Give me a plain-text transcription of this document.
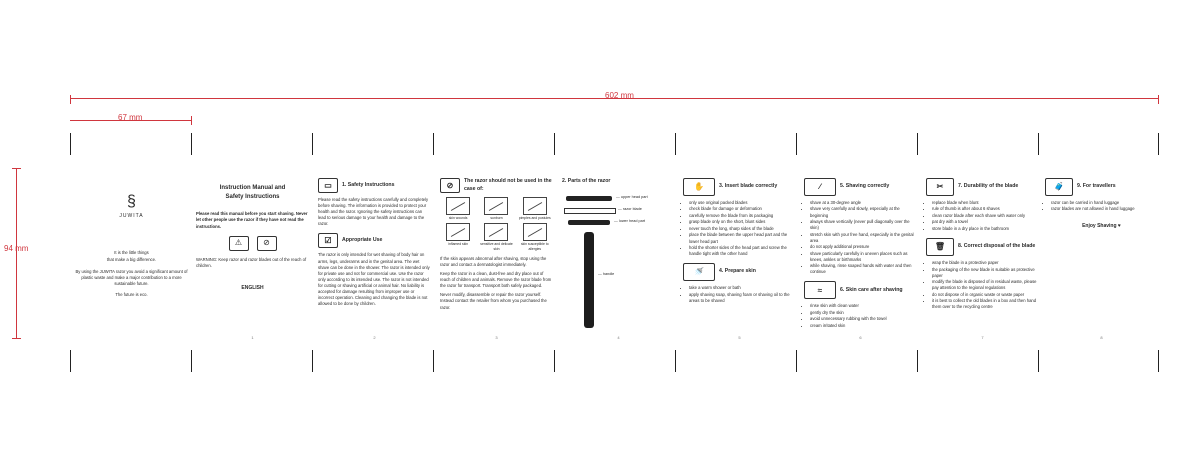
602 mm
67 mm
94 mm
§
JUWITA
It is the little things
that make a big difference.

By using the JUWITA razor you avoid a significant amount of plastic waste and make a major contribution to a more sustainable future.

The future is eco.

Instruction Manual and Safety Instructions

Please read this manual before you start shaving. Never let other people use the razor if they have not read the instructions.

⚠	⊘

WARNING: Keep razor and razor blades out of the reach of children.

ENGLISH
1
▭	1. Safety Instructions

Please read the safety instructions carefully and completely before shaving. The information is provided to protect your health and the razor. Ignoring the safety instructions can lead to serious damage to your health and damage to the razor.

☑	Appropriate Use

The razor is only intended for wet shaving of body hair on arms, legs, underarms and in the genital area. The wet shave can be done in the shower. The razor is intended only for private use and not for commercial use. Use the razor only according to its intended use. The razor is not intended for cutting or shaving artificial or animal hair. No liability is accepted for damage resulting from improper use or incorrect operation. Cleaning and changing the blade is not allowed to be done by children.

2
⊘	The razor should not be used in the case of:
skin wounds	sunburn	pimples and pustules
inflamed skin	sensitive and delicate skin
skin susceptible to allergies

If the skin appears abnormal after shaving, stop using the razor and contact a dermatologist immediately.

Keep the razor in a clean, dust-free and dry place out of reach of children and animals. Remove the razor blade from the razor for transport. Transport both safely packaged.

Never modify, disassemble or repair the razor yourself. Instead contact the retailer from whom you purchased the razor.

3
2. Parts of the razor
— upper head part
— razor blade
— lower head part
— handle
4
✋	3. Insert blade correctly
• only use original packed blades
• check blade for damage or deformation
• carefully remove the blade from its packaging
• grasp blade only on the short, blunt sides
• never touch the long, sharp sides of the blade
• place the blade between the upper head part and the lower head part
• hold the shorter sides of the head part and screw the handle tight with the other hand
🚿	4. Prepare skin
• take a warm shower or bath
• apply shaving soap, shaving foam or shaving oil to the areas to be shaved
5
∕	5. Shaving correctly
• shave at a 30-degree angle
• shave very carefully and slowly, especially at the beginning
• always shave vertically (never pull diagonally over the skin)
• stretch skin with your free hand, especially in the genital area
• do not apply additional pressure
• shave particularly carefully in uneven places such as knees, ankles or birthmarks
• while shaving, rinse soaped hands with water and then continue
≈	6. Skin care after shaving
• rinse skin with clean water
• gently dry the skin
• avoid unnecessary rubbing with the towel
• cream irritated skin
6
✂	7. Durability of the blade
• replace blade when blunt
• rule of thumb is after about 6 shaves
• clean razor blade after each shave with water only
• pat dry with a towel
• store blade in a dry place in the bathroom
🗑	8. Correct disposal of the blade
• wrap the blade in a protective paper
• the packaging of the new blade is suitable as protective paper
• modify the blade is disposed of in residual waste, please pay attention to the regional regulations
• do not dispose of in organic waste or waste paper
• it is best to collect the old blades in a box and then hand them over to the recycling centre
7
🧳	9. For travellers
• razor can be carried in hand luggage
• razor blades are not allowed in hand luggage
Enjoy Shaving ♥
8
